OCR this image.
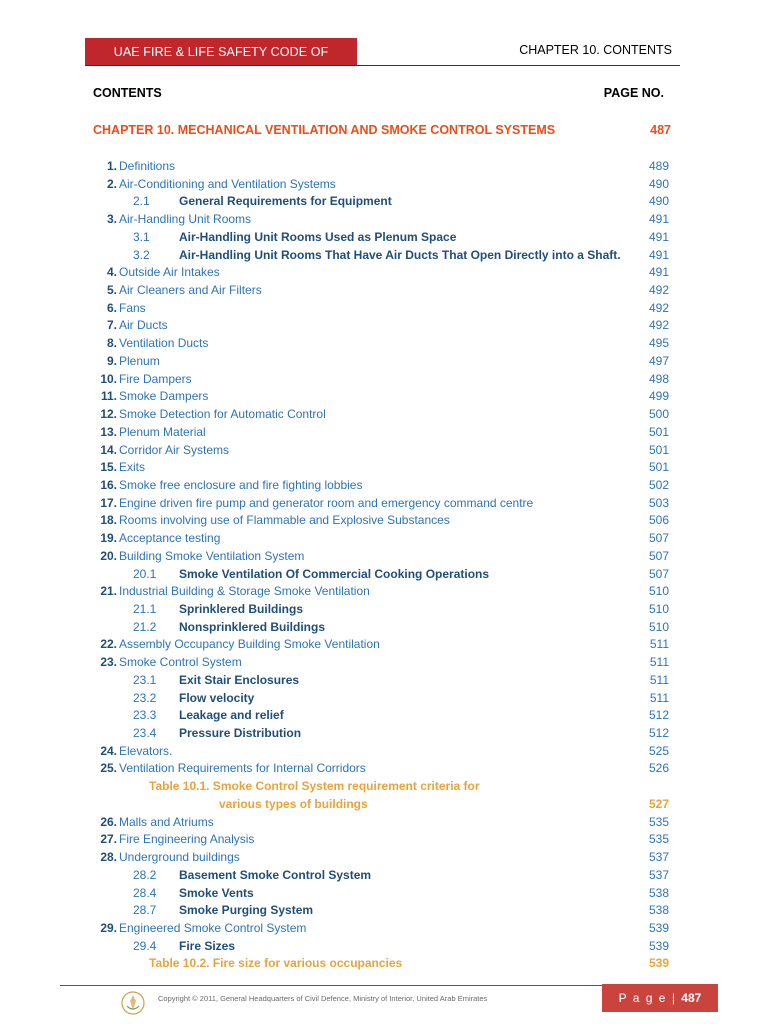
UAE FIRE & LIFE SAFETY CODE OF PRACTICE
CHAPTER 10. CONTENTS
CONTENTS	PAGE NO.
CHAPTER 10. MECHANICAL VENTILATION AND SMOKE CONTROL SYSTEMS	487
1. Definitions	489
2. Air-Conditioning and Ventilation Systems	490
2.1	General Requirements for Equipment	490
3. Air-Handling Unit Rooms	491
3.1	Air-Handling Unit Rooms Used as Plenum Space	491
3.2	Air-Handling Unit Rooms That Have Air Ducts That Open Directly into a Shaft. 491
4. Outside Air Intakes	491
5. Air Cleaners and Air Filters	492
6. Fans	492
7. Air Ducts	492
8. Ventilation Ducts	495
9. Plenum	497
10. Fire Dampers	498
11. Smoke Dampers	499
12. Smoke Detection for Automatic Control	500
13. Plenum Material	501
14. Corridor Air Systems	501
15. Exits	501
16. Smoke free enclosure and fire fighting lobbies	502
17. Engine driven fire pump and generator room and emergency command centre	503
18. Rooms involving use of Flammable and Explosive Substances	506
19. Acceptance testing	507
20. Building Smoke Ventilation System	507
20.1	Smoke Ventilation Of Commercial Cooking Operations	507
21. Industrial Building & Storage Smoke Ventilation	510
21.1	Sprinklered Buildings	510
21.2	Nonsprinklered Buildings	510
22. Assembly Occupancy Building Smoke Ventilation	511
23. Smoke Control System	511
23.1	Exit Stair Enclosures	511
23.2	Flow velocity	511
23.3	Leakage and relief	512
23.4	Pressure Distribution	512
24. Elevators.	525
25. Ventilation Requirements for Internal Corridors	526
Table 10.1. Smoke Control System requirement criteria for
various types of buildings	527
26. Malls and Atriums	535
27. Fire Engineering Analysis	535
28. Underground buildings	537
28.2	Basement Smoke Control System	537
28.4	Smoke Vents	538
28.7	Smoke Purging System	538
29. Engineered Smoke Control System	539
29.4	Fire Sizes	539
Table 10.2. Fire size for various occupancies	539
Copyright © 2011, General Headquarters of Civil Defence, Ministry of Interior, United Arab Emirates	P a g e | 487
